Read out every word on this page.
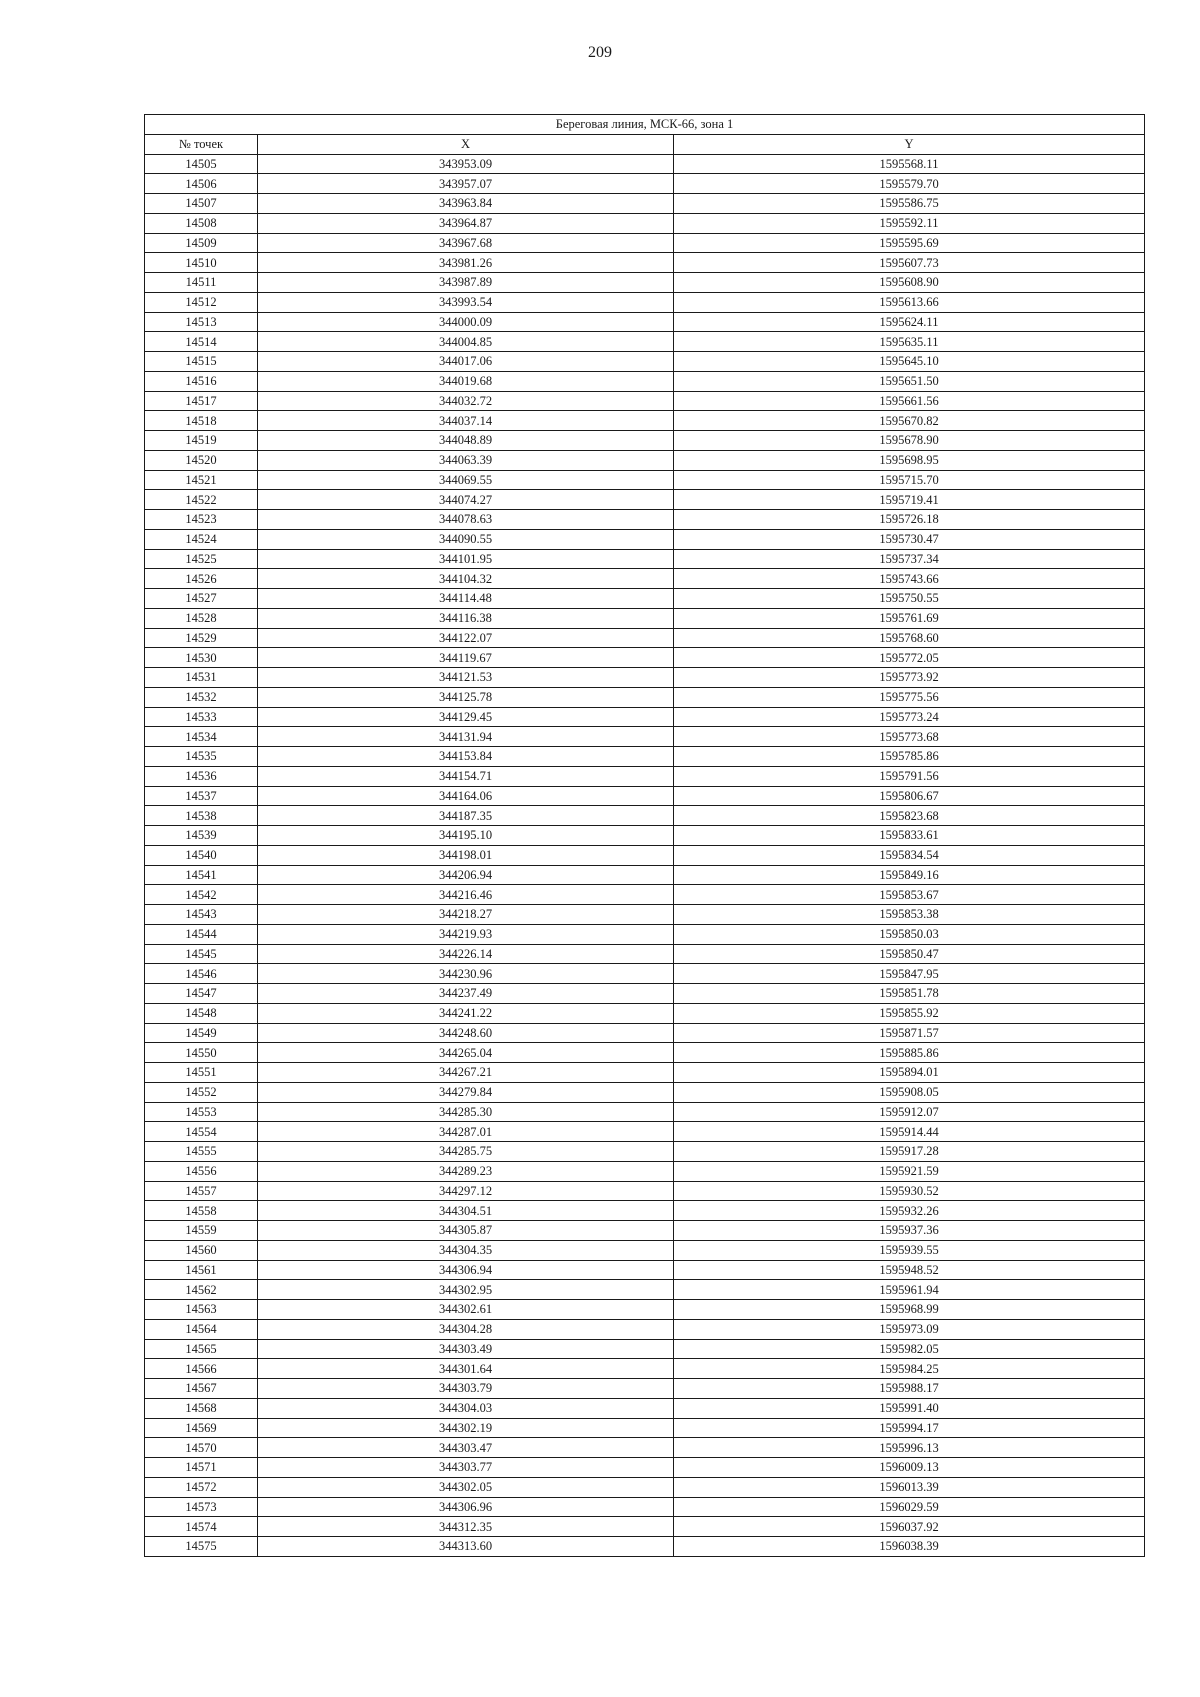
209
Береговая линия, МСК-66, зона 1		
№ точек	X	Y
14505	343953.09	1595568.11
14506	343957.07	1595579.70
14507	343963.84	1595586.75
14508	343964.87	1595592.11
14509	343967.68	1595595.69
14510	343981.26	1595607.73
14511	343987.89	1595608.90
14512	343993.54	1595613.66
14513	344000.09	1595624.11
14514	344004.85	1595635.11
14515	344017.06	1595645.10
14516	344019.68	1595651.50
14517	344032.72	1595661.56
14518	344037.14	1595670.82
14519	344048.89	1595678.90
14520	344063.39	1595698.95
14521	344069.55	1595715.70
14522	344074.27	1595719.41
14523	344078.63	1595726.18
14524	344090.55	1595730.47
14525	344101.95	1595737.34
14526	344104.32	1595743.66
14527	344114.48	1595750.55
14528	344116.38	1595761.69
14529	344122.07	1595768.60
14530	344119.67	1595772.05
14531	344121.53	1595773.92
14532	344125.78	1595775.56
14533	344129.45	1595773.24
14534	344131.94	1595773.68
14535	344153.84	1595785.86
14536	344154.71	1595791.56
14537	344164.06	1595806.67
14538	344187.35	1595823.68
14539	344195.10	1595833.61
14540	344198.01	1595834.54
14541	344206.94	1595849.16
14542	344216.46	1595853.67
14543	344218.27	1595853.38
14544	344219.93	1595850.03
14545	344226.14	1595850.47
14546	344230.96	1595847.95
14547	344237.49	1595851.78
14548	344241.22	1595855.92
14549	344248.60	1595871.57
14550	344265.04	1595885.86
14551	344267.21	1595894.01
14552	344279.84	1595908.05
14553	344285.30	1595912.07
14554	344287.01	1595914.44
14555	344285.75	1595917.28
14556	344289.23	1595921.59
14557	344297.12	1595930.52
14558	344304.51	1595932.26
14559	344305.87	1595937.36
14560	344304.35	1595939.55
14561	344306.94	1595948.52
14562	344302.95	1595961.94
14563	344302.61	1595968.99
14564	344304.28	1595973.09
14565	344303.49	1595982.05
14566	344301.64	1595984.25
14567	344303.79	1595988.17
14568	344304.03	1595991.40
14569	344302.19	1595994.17
14570	344303.47	1595996.13
14571	344303.77	1596009.13
14572	344302.05	1596013.39
14573	344306.96	1596029.59
14574	344312.35	1596037.92
14575	344313.60	1596038.39
